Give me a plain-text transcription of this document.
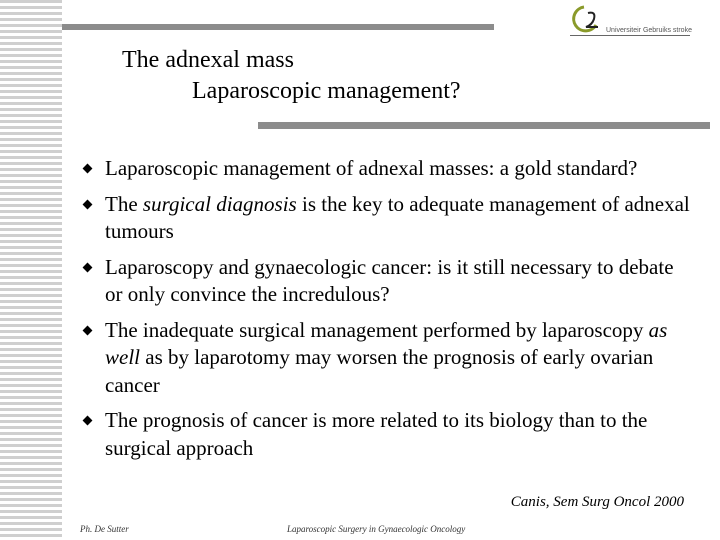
Universiteir Gebruiks stroke
The adnexal mass
Laparoscopic management?
Laparoscopic management of adnexal masses: a gold standard?
The surgical diagnosis is the key to adequate management of adnexal tumours
Laparoscopy and gynaecologic cancer: is it still necessary to debate or only convince the incredulous?
The inadequate surgical management performed by laparoscopy as well as by laparotomy may worsen the prognosis of early ovarian cancer
The prognosis of cancer is more related to its biology than to the surgical approach
Canis, Sem Surg Oncol 2000
Ph. De Sutter	Laparoscopic Surgery in Gynaecologic Oncology
